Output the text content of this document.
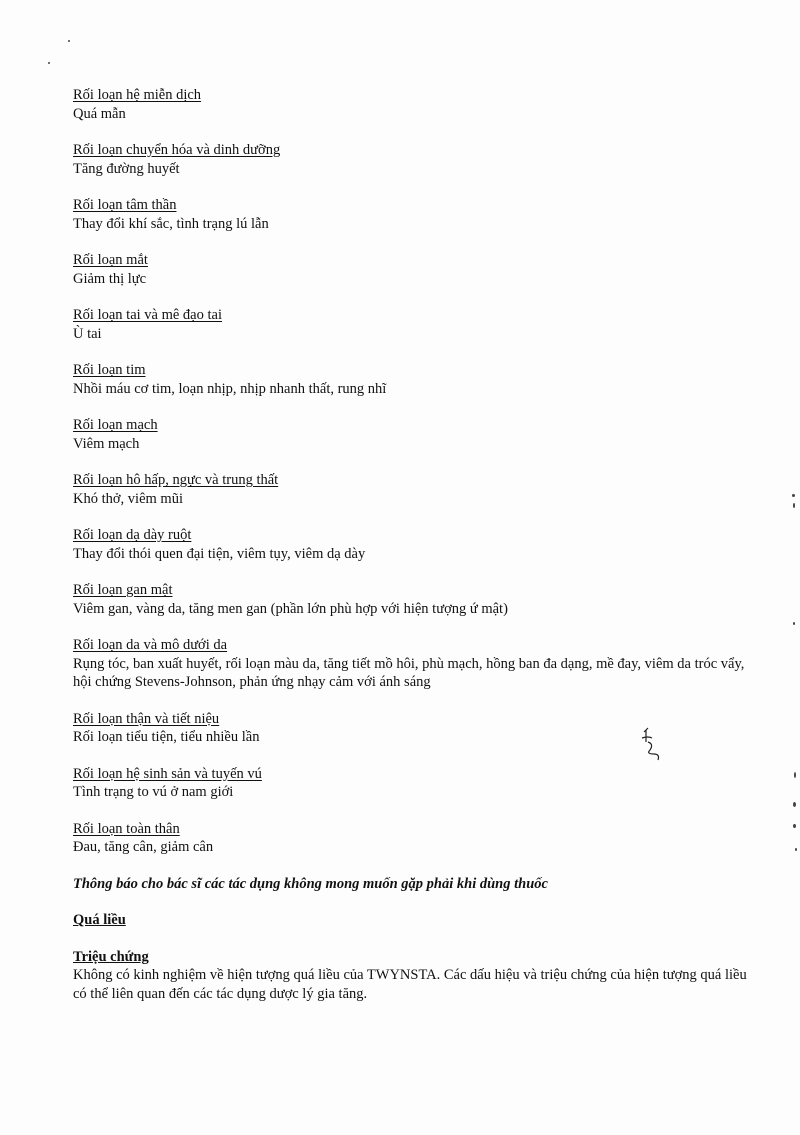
Rối loạn hệ miễn dịch
Quá mẫn
Rối loạn chuyển hóa và dinh dưỡng
Tăng đường huyết
Rối loạn tâm thần
Thay đổi khí sắc, tình trạng lú lẫn
Rối loạn mắt
Giảm thị lực
Rối loạn tai và mê đạo tai
Ù tai
Rối loạn tim
Nhồi máu cơ tim, loạn nhịp, nhịp nhanh thất, rung nhĩ
Rối loạn mạch
Viêm mạch
Rối loạn hô hấp, ngực và trung thất
Khó thở, viêm mũi
Rối loạn dạ dày ruột
Thay đổi thói quen đại tiện, viêm tụy, viêm dạ dày
Rối loạn gan mật
Viêm gan, vàng da, tăng men gan (phần lớn phù hợp với hiện tượng ứ mật)
Rối loạn da và mô dưới da
Rụng tóc, ban xuất huyết, rối loạn màu da, tăng tiết mồ hôi, phù mạch, hồng ban đa dạng, mề đay, viêm da tróc vẩy, hội chứng Stevens-Johnson, phản ứng nhạy cảm với ánh sáng
Rối loạn thận và tiết niệu
Rối loạn tiểu tiện, tiểu nhiều lần
Rối loạn hệ sinh sản và tuyến vú
Tình trạng to vú ở nam giới
Rối loạn toàn thân
Đau, tăng cân, giảm cân
Thông báo cho bác sĩ các tác dụng không mong muốn gặp phải khi dùng thuốc
Quá liều
Triệu chứng

Không có kinh nghiệm về hiện tượng quá liều của TWYNSTA. Các dấu hiệu và triệu chứng của hiện tượng quá liều có thể liên quan đến các tác dụng dược lý gia tăng.
